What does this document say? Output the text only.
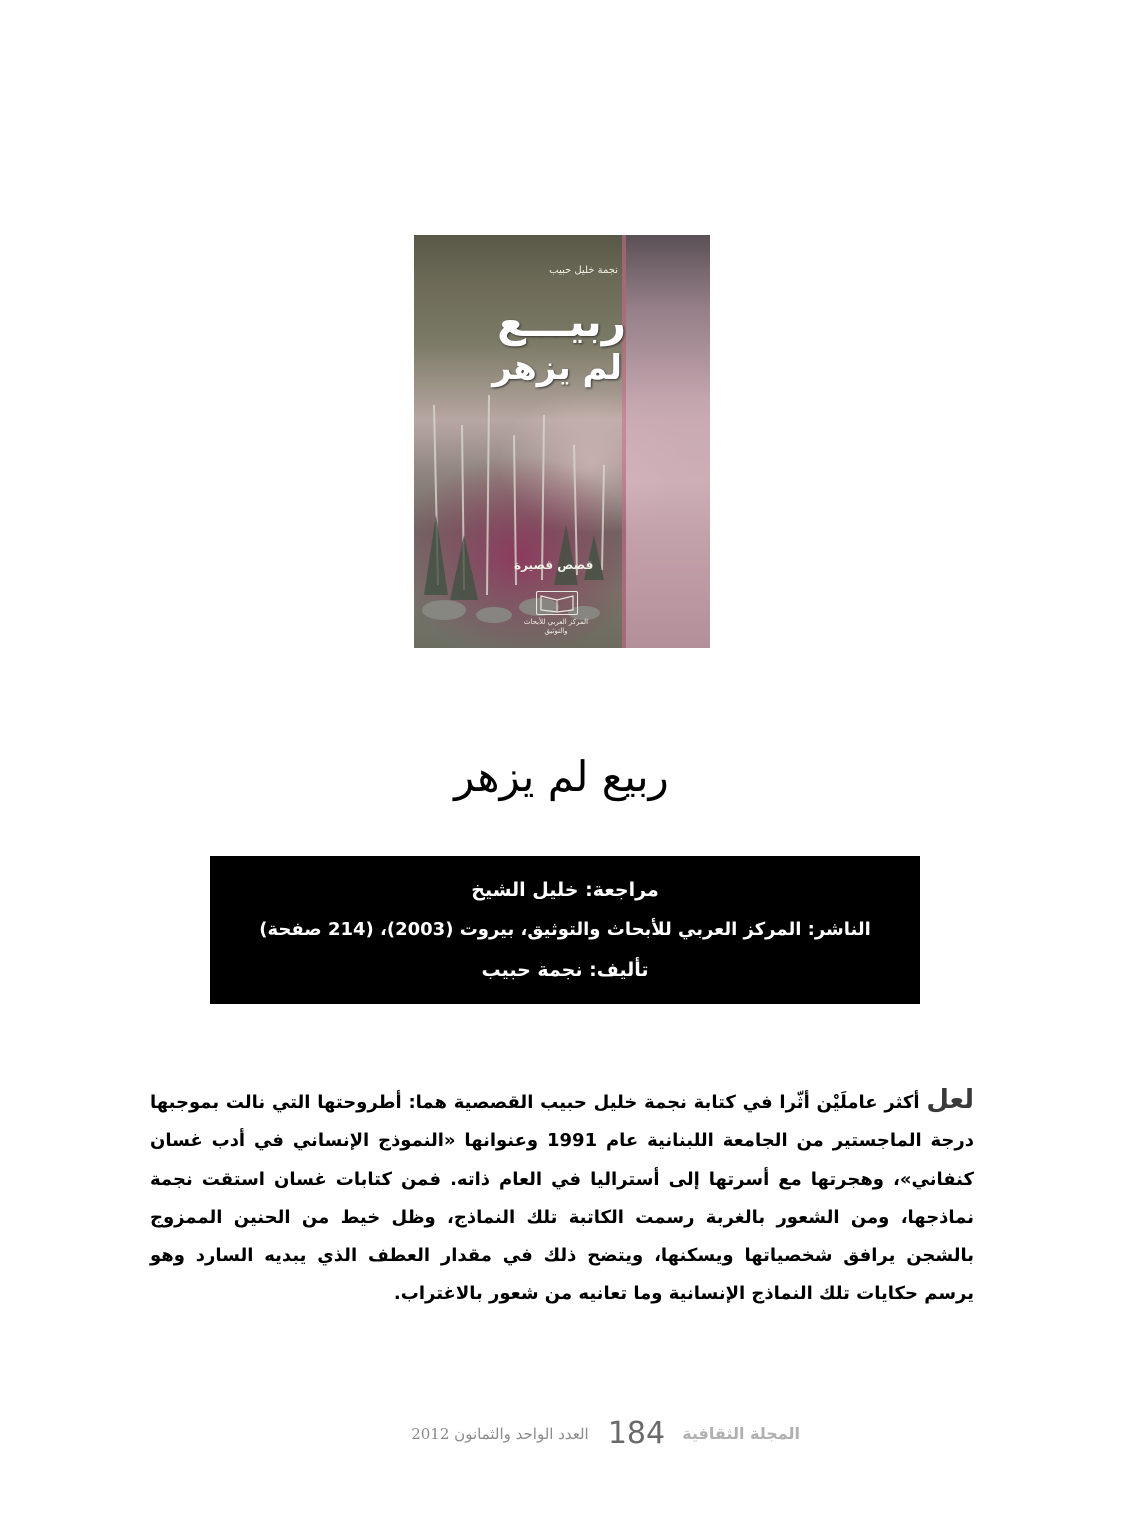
نجمة خليل حبيب
ربيـــع
لم يزهر
قصص قصيرة
المركز العربي للأبحاث والتوثيق
ربيع لم يزهر
مراجعة: خليل الشيخ
الناشر: المركز العربي للأبحاث والتوثيق، بيروت (2003)، (214 صفحة)
تأليف: نجمة حبيب
لعل أكثر عاملَيْن أثّرا في كتابة نجمة خليل حبيب القصصية هما: أطروحتها التي نالت بموجبها درجة الماجستير من الجامعة اللبنانية عام 1991 وعنوانها «النموذج الإنساني في أدب غسان كنفاني»، وهجرتها مع أسرتها إلى أستراليا في العام ذاته. فمن كتابات غسان استقت نجمة نماذجها، ومن الشعور بالغربة رسمت الكاتبة تلك النماذج، وظل خيط من الحنين الممزوج بالشجن يرافق شخصياتها ويسكنها، ويتضح ذلك في مقدار العطف الذي يبديه السارد وهو يرسم حكايات تلك النماذج الإنسانية وما تعانيه من شعور بالاغتراب.
المجلة الثقافية 184 العدد الواحد والثمانون 2012
